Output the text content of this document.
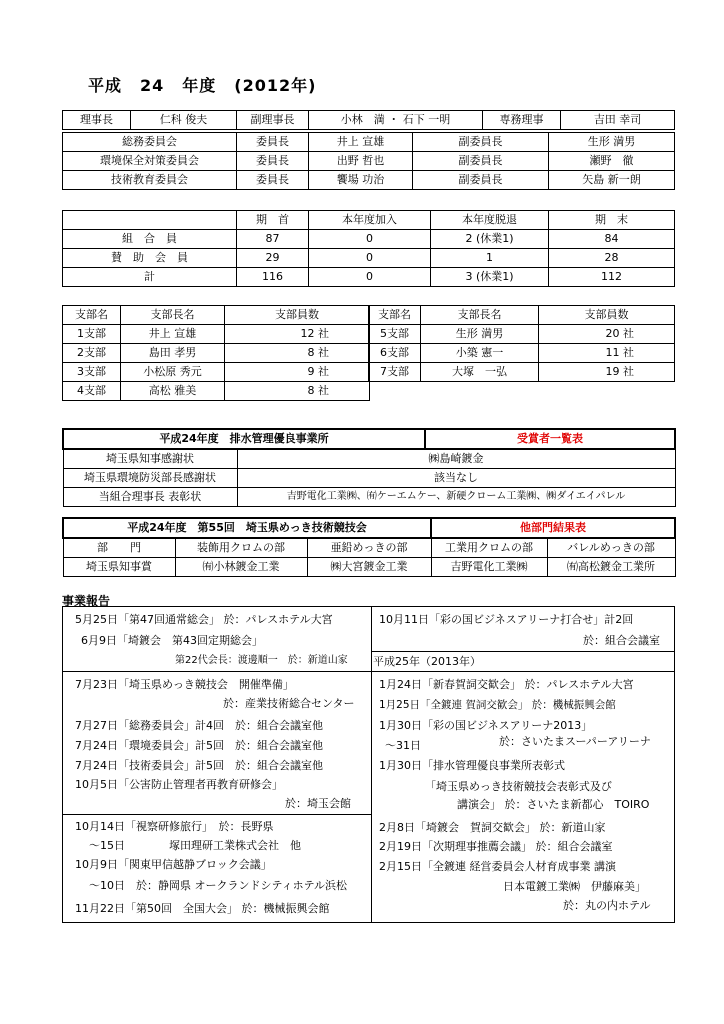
平成 24 年度 (2012年)
理事長	仁科 俊夫	副理事長	小林　満 ・ 石下 一明	専務理事	吉田 幸司
総務委員会	委員長	井上 宣雄	副委員長	生形 満男
環境保全対策委員会	委員長	出野 哲也	副委員長	瀬野　徹
技術教育委員会	委員長	饗場 功治	副委員長	矢島 新一朗
	期　首	本年度加入	本年度脱退	期　末
組　合　員	87	0	2 (休業1)	84
賛　助　会　員	29	0	1	28
計	116	0	3 (休業1)	112
支部名	支部長名	支部員数
1支部	井上 宣雄	12 社
2支部	島田 孝男	8 社
3支部	小松原 秀元	9 社
4支部	高松 雅美	8 社
支部名	支部長名	支部員数
5支部	生形 満男	20 社
6支部	小築 憲一	11 社
7支部	大塚　一弘	19 社
平成24年度　排水管理優良事業所		受賞者一覧表
埼玉県知事感謝状	㈱島崎鍍金	
埼玉県環境防災部長感謝状	該当なし	
当組合理事長 表彰状	吉野電化工業㈱、㈲ケーエムケー、新硬クローム工業㈱、㈱ダイエイパレル	
平成24年度　第55回　埼玉県めっき技術競技会			他部門結果表	
部　　門	装飾用クロムの部	亜鉛めっきの部	工業用クロムの部	バレルめっきの部
埼玉県知事賞	㈲小林鍍金工業	㈱大宮鍍金工業	吉野電化工業㈱	㈲高松鍍金工業所
事業報告
5月25日「第47回通常総会」 於：パレスホテル大宮
6月9日「埼鍍会　第43回定期総会」
第22代会長：渡邊順一　於：新道山家
7月23日「埼玉県めっき競技会　開催準備」
於：産業技術総合センター
7月27日「総務委員会」計4回　於：組合会議室他
7月24日「環境委員会」計5回　於：組合会議室他
7月24日「技術委員会」計5回　於：組合会議室他
10月5日「公害防止管理者再教育研修会」
於：埼玉会館
10月14日「視察研修旅行」　於：長野県
～15日	塚田理研工業株式会社　他
10月9日「関東甲信越静ブロック会議」
～10日　於：静岡県 オークランドシティホテル浜松
11月22日「第50回　全国大会」 於：機械振興会館
10月11日「彩の国ビジネスアリーナ打合せ」計2回
於：組合会議室
平成25年（2013年）
1月24日「新春賀詞交歓会」 於：パレスホテル大宮
1月25日「全鍍連 賀詞交歓会」 於：機械振興会館
1月30日「彩の国ビジネスアリーナ2013」
～31日	於：さいたまスーパーアリーナ
1月30日「排水管理優良事業所表彰式
「埼玉県めっき技術競技会表彰式及び
講演会」 於：さいたま新都心　TOIRO
2月8日「埼鍍会　賀詞交歓会」 於：新道山家
2月19日「次期理事推薦会議」 於：組合会議室
2月15日「全鍍連 経営委員会人材育成事業 講演
日本電鍍工業㈱　伊藤麻美」
於：丸の内ホテル
